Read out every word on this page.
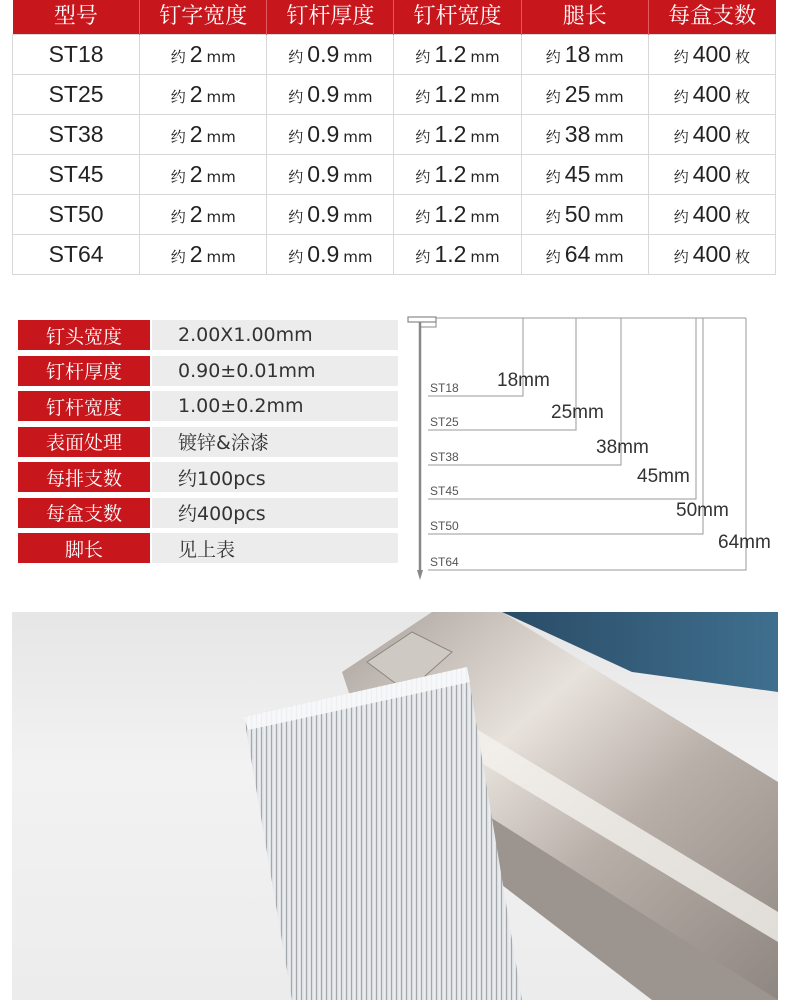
型号	钉字宽度	钉杆厚度	钉杆宽度	腿长	每盒支数
ST18	约 2 mm	约 0.9 mm	约 1.2 mm	约 18 mm	约 400 枚
ST25	约 2 mm	约 0.9 mm	约 1.2 mm	约 25 mm	约 400 枚
ST38	约 2 mm	约 0.9 mm	约 1.2 mm	约 38 mm	约 400 枚
ST45	约 2 mm	约 0.9 mm	约 1.2 mm	约 45 mm	约 400 枚
ST50	约 2 mm	约 0.9 mm	约 1.2 mm	约 50 mm	约 400 枚
ST64	约 2 mm	约 0.9 mm	约 1.2 mm	约 64 mm	约 400 枚
钉头宽度	2.00X1.00mm
钉杆厚度	0.90±0.01mm
钉杆宽度	1.00±0.2mm
表面处理	镀锌&涂漆
每排支数	约100pcs
每盒支数	约400pcs
脚长	见上表
ST18 18mm
ST25	25mm
ST38	38mm
ST45
45mm
ST50
50mm
ST64
64mm
